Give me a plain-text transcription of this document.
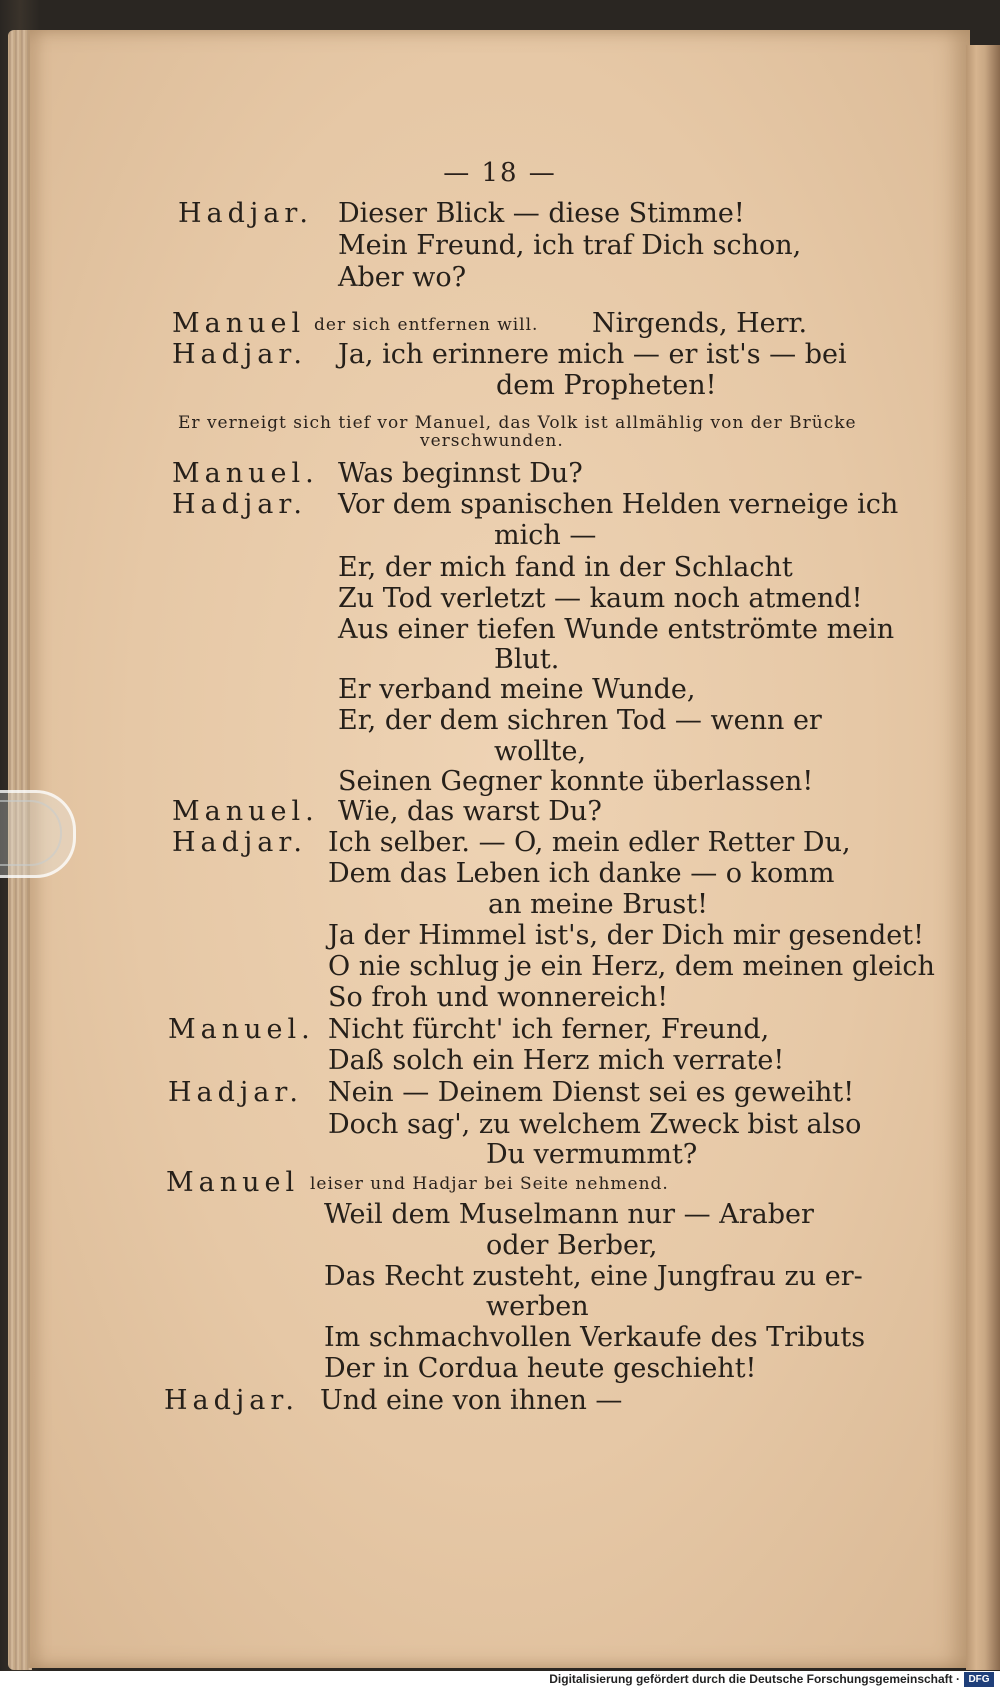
— 18 —
Hadjar. Dieser Blick — diese Stimme!
Mein Freund, ich traf Dich schon,
Aber wo?
Manuel der sich entfernen will. Nirgends, Herr.
Hadjar. Ja, ich erinnere mich — er ist's — bei
dem Propheten!
Er verneigt sich tief vor Manuel, das Volk ist allmählig von der Brücke
verschwunden.
Manuel. Was beginnst Du?
Hadjar. Vor dem spanischen Helden verneige ich
mich —
Er, der mich fand in der Schlacht
Zu Tod verletzt — kaum noch atmend!
Aus einer tiefen Wunde entströmte mein
Blut.
Er verband meine Wunde,
Er, der dem sichren Tod — wenn er
wollte,
Seinen Gegner konnte überlassen!
Manuel. Wie, das warst Du?
Hadjar. Ich selber. — O, mein edler Retter Du,
Dem das Leben ich danke — o komm
an meine Brust!
Ja der Himmel ist's, der Dich mir gesendet!
O nie schlug je ein Herz, dem meinen gleich
So froh und wonnereich!
Manuel. Nicht fürcht' ich ferner, Freund,
Daß solch ein Herz mich verrate!
Hadjar. Nein — Deinem Dienst sei es geweiht!
Doch sag', zu welchem Zweck bist also
Du vermummt?
Manuel leiser und Hadjar bei Seite nehmend.
Weil dem Muselmann nur — Araber
oder Berber,
Das Recht zusteht, eine Jungfrau zu er-
werben
Im schmachvollen Verkaufe des Tributs
Der in Cordua heute geschieht!
Hadjar. Und eine von ihnen —
Digitalisierung gefördert durch die Deutsche Forschungsgemeinschaft · DFG
